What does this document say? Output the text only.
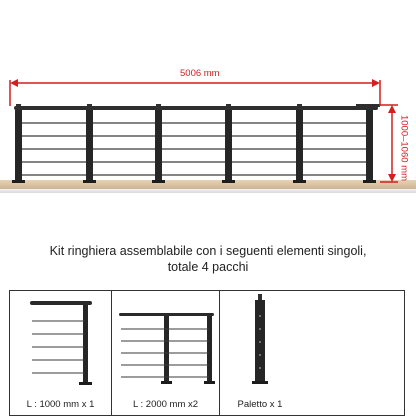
5006 mm
1000–1060 mm
Kit ringhiera assemblabile con i seguenti elementi singoli,
totale 4 pacchi
L : 1000 mm x 1	L : 2000 mm x2	Paletto x 1
